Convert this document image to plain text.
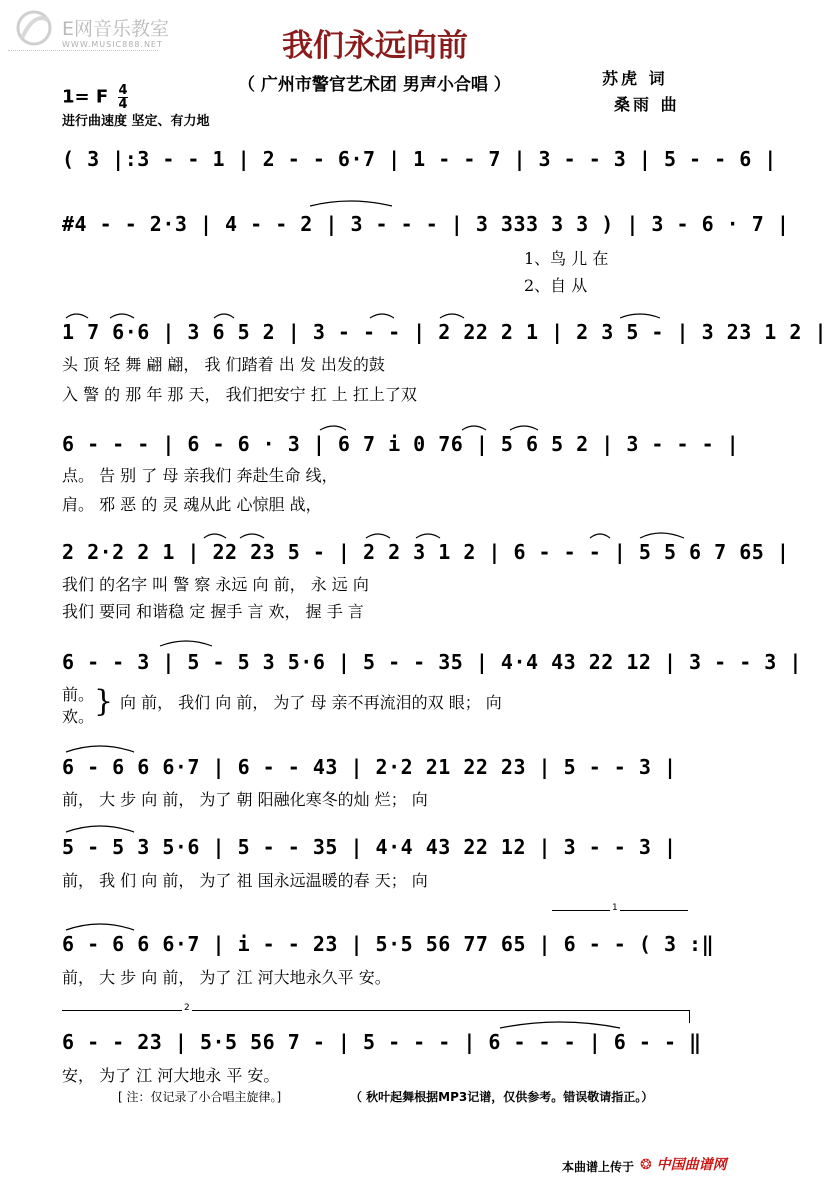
E网音乐教室
WWW.MUSIC888.NET	我们永远向前
（ 广州市警官艺术团 男声小合唱 ）	苏虎 词
桑雨 曲
1= F $\frac{4}{4}$
进行曲速度 坚定、有力地
( 3 |:3 - - 1 | 2 - - 6·7 | 1 - - 7 | 3 - - 3 | 5 - - 6 |
#4 - - 2·3 | 4 - - 2 | 3 - - - | 3 333 3 3 ) | 3 - 6 · 7 |
1、鸟 儿 在
2、自 从
1 7 6·6 | 3 6 5 2 | 3 - - - | 2 22 2 1 | 2 3 5 - | 3 23 1 2 |
头 顶 轻 舞 翩 翩， 我 们踏着 出 发 出发的鼓
入 警 的 那 年 那 天， 我们把安宁 扛 上 扛上了双
6 - - - | 6 - 6 · 3 | 6 7 i 0 76 | 5 6 5 2 | 3 - - - |
点。 告 别 了 母 亲我们 奔赴生命 线，
肩。 邪 恶 的 灵 魂从此 心惊胆 战，
2 2·2 2 1 | 22 23 5 - | 2 2 3 1 2 | 6 - - - | 5 5 6 7 65 |
我们 的名字 叫 警 察 永远 向 前， 永 远 向
我们 要同 和谐稳 定 握手 言 欢， 握 手 言
6 - - 3 | 5 - 5 3 5·6 | 5 - - 35 | 4·4 43 22 12 | 3 - - 3 |
前。
欢。 } 向 前， 我们 向 前， 为了 母 亲不再流泪的双 眼； 向
6 - 6 6 6·7 | 6 - - 43 | 2·2 21 22 23 | 5 - - 3 |
前， 大 步 向 前， 为了 朝 阳融化寒冬的灿 烂； 向
5 - 5 3 5·6 | 5 - - 35 | 4·4 43 22 12 | 3 - - 3 |
前， 我 们 向 前， 为了 祖 国永远温暖的春 天； 向
1
6 - 6 6 6·7 | i - - 23 | 5·5 56 77 65 | 6 - - ( 3 :‖
前， 大 步 向 前， 为了 江 河大地永久平 安。
2
6 - - 23 | 5·5 56 7 - | 5 - - - | 6 - - - | 6 - - ‖
安， 为了 江 河大地永 平 安。
[ 注：仅记录了小合唱主旋律。]	（ 秋叶起舞根据MP3记谱，仅供参考。错误敬请指正。）
本曲谱上传于 ❂ 中国曲谱网
